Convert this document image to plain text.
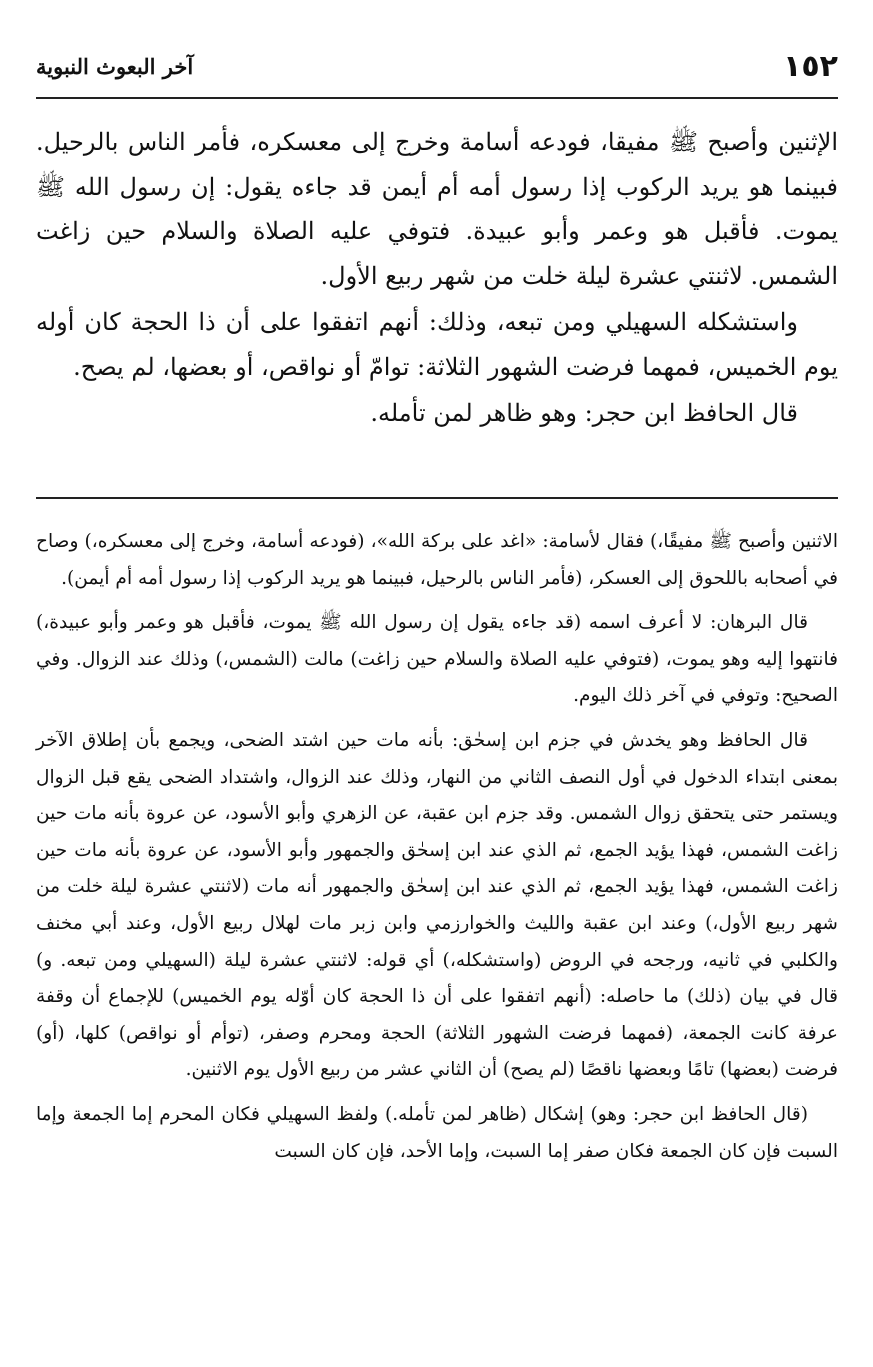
١٥٢
آخر البعوث النبوية

الإثنين وأصبح ﷺ مفيقا، فودعه أسامة وخرج إلى معسكره، فأمر الناس بالرحيل. فبينما هو يريد الركوب إذا رسول أمه أم أيمن قد جاءه يقول: إن رسول الله ﷺ يموت. فأقبل هو وعمر وأبو عبيدة. فتوفي عليه الصلاة والسلام حين زاغت الشمس. لاثنتي عشرة ليلة خلت من شهر ربيع الأول.

واستشكله السهيلي ومن تبعه، وذلك: أنهم اتفقوا على أن ذا الحجة كان أوله يوم الخميس، فمهما فرضت الشهور الثلاثة: توامّ أو نواقص، أو بعضها، لم يصح.

قال الحافظ ابن حجر: وهو ظاهر لمن تأمله.

الاثنين وأصبح ﷺ مفيقًا،) فقال لأسامة: «اغد على بركة الله»، (فودعه أسامة، وخرج إلى معسكره،) وصاح في أصحابه باللحوق إلى العسكر، (فأمر الناس بالرحيل، فبينما هو يريد الركوب إذا رسول أمه أم أيمن).

قال البرهان: لا أعرف اسمه (قد جاءه يقول إن رسول الله ﷺ يموت، فأقبل هو وعمر وأبو عبيدة،) فانتهوا إليه وهو يموت، (فتوفي عليه الصلاة والسلام حين زاغت) مالت (الشمس،) وذلك عند الزوال. وفي الصحيح: وتوفي في آخر ذلك اليوم.

قال الحافظ وهو يخدش في جزم ابن إسحٰق: بأنه مات حين اشتد الضحى، ويجمع بأن إطلاق الآخر بمعنى ابتداء الدخول في أول النصف الثاني من النهار، وذلك عند الزوال، واشتداد الضحى يقع قبل الزوال ويستمر حتى يتحقق زوال الشمس. وقد جزم ابن عقبة، عن الزهري وأبو الأسود، عن عروة بأنه مات حين زاغت الشمس، فهذا يؤيد الجمع، ثم الذي عند ابن إسحٰق والجمهور وأبو الأسود، عن عروة بأنه مات حين زاغت الشمس، فهذا يؤيد الجمع، ثم الذي عند ابن إسحٰق والجمهور أنه مات (لاثنتي عشرة ليلة خلت من شهر ربيع الأول،) وعند ابن عقبة والليث والخوارزمي وابن زبر مات لهلال ربيع الأول، وعند أبي مخنف والكلبي في ثانيه، ورجحه في الروض (واستشكله،) أي قوله: لاثنتي عشرة ليلة (السهيلي ومن تبعه. و) قال في بيان (ذلك) ما حاصله: (أنهم اتفقوا على أن ذا الحجة كان أوّله يوم الخميس) للإجماع أن وقفة عرفة كانت الجمعة، (فمهما فرضت الشهور الثلاثة) الحجة ومحرم وصفر، (توأم أو نواقص) كلها، (أو) فرضت (بعضها) تامًا وبعضها ناقصًا (لم يصح) أن الثاني عشر من ربيع الأول يوم الاثنين.

(قال الحافظ ابن حجر: وهو) إشكال (ظاهر لمن تأمله.) ولفظ السهيلي فكان المحرم إما الجمعة وإما السبت فإن كان الجمعة فكان صفر إما السبت، وإما الأحد، فإن كان السبت
